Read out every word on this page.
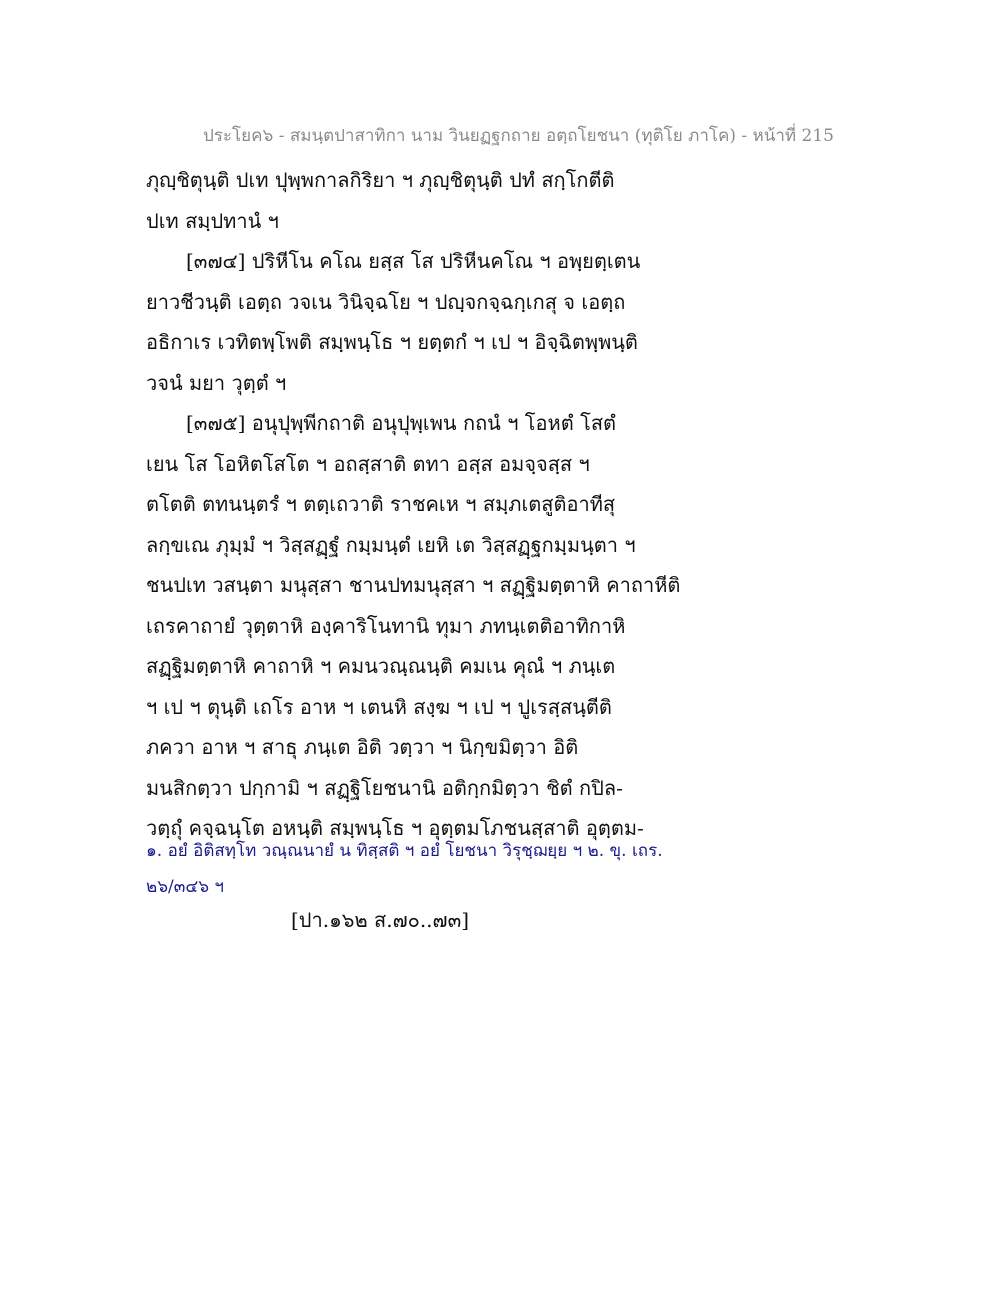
ประโยค๖ - สมนฺตปาสาทิกา นาม วินยฏฐกถาย อตฺถโยชนา (ทุติโย ภาโค) - หน้าที่ 215
ภุญฺชิตุนฺติ ปเท ปุพฺพกาลกิริยา ฯ ภุญฺชิตุนฺติ ปทํ สกฺโกตีติ
ปเท สมฺปทานํ ฯ
[๓๗๔] ปริหีโน คโณ ยสฺส โส ปริหีนคโณ ฯ อพฺยตฺเตน
ยาวชีวนฺติ เอตฺถ วจเน วินิจฺฉโย ฯ ปญฺจกจฺฉกฺเกสุ จ เอตฺถ
อธิกาเร เวทิตพฺโพติ สมฺพนฺโธ ฯ ยตฺตกํ ฯ เป ฯ อิจฺฉิตพฺพนฺติ
วจนํ มยา วุตฺตํ ฯ
[๓๗๕] อนุปุพฺพีกถาติ อนุปุพฺเพน กถนํ ฯ โอหตํ โสตํ
เยน โส โอหิตโสโต ฯ อถสฺสาติ ตทา อสฺส อมจฺจสฺส ฯ
ตโตติ ตทนนฺตรํ ฯ ตตฺเถวาติ ราชคเห ฯ สมฺภเตสูติอาทีสุ
ลกฺขเณ ภุมฺมํ ฯ วิสฺสฏฺฐํ กมฺมนฺตํ เยหิ เต วิสฺสฏฺฐกมฺมนฺตา ฯ
ชนปเท วสนฺตา มนุสฺสา ชานปทมนุสฺสา ฯ สฏฺฐิมตฺตาหิ คาถาหีติ
เถรคาถายํ วุตฺตาหิ องฺคาริโนทานิ ทุมา ภทนฺเตติอาทิกาหิ
สฏฺฐิมตฺตาหิ คาถาหิ ฯ คมนวณฺณนฺติ คมเน คุณํ ฯ ภนฺเต
ฯ เป ฯ ตุนฺติ เถโร อาห ฯ เตนหิ สงฺฆ ฯ เป ฯ ปูเรสฺสนฺตีติ
ภควา อาห ฯ สาธุ ภนฺเต อิติ วตฺวา ฯ นิกฺขมิตฺวา อิติ
มนสิกตฺวา ปกฺกามิ ฯ สฏฺฐิโยชนานิ อติกฺกมิตฺวา ชิตํ กปิล-
วตฺถุํ คจฺฉนฺโต อหนฺติ สมฺพนฺโธ ฯ อุตฺตมโภชนสฺสาติ อุตฺตม-
๑. อยํ อิติสทฺโท วณฺณนายํ น ทิสฺสติ ฯ อยํ โยชนา วิรุชฺฌยฺย ฯ ๒. ขุ. เถร.
๒๖/๓๔๖ ฯ
[ปา.๑๖๒ ส.๗๐..๗๓]
